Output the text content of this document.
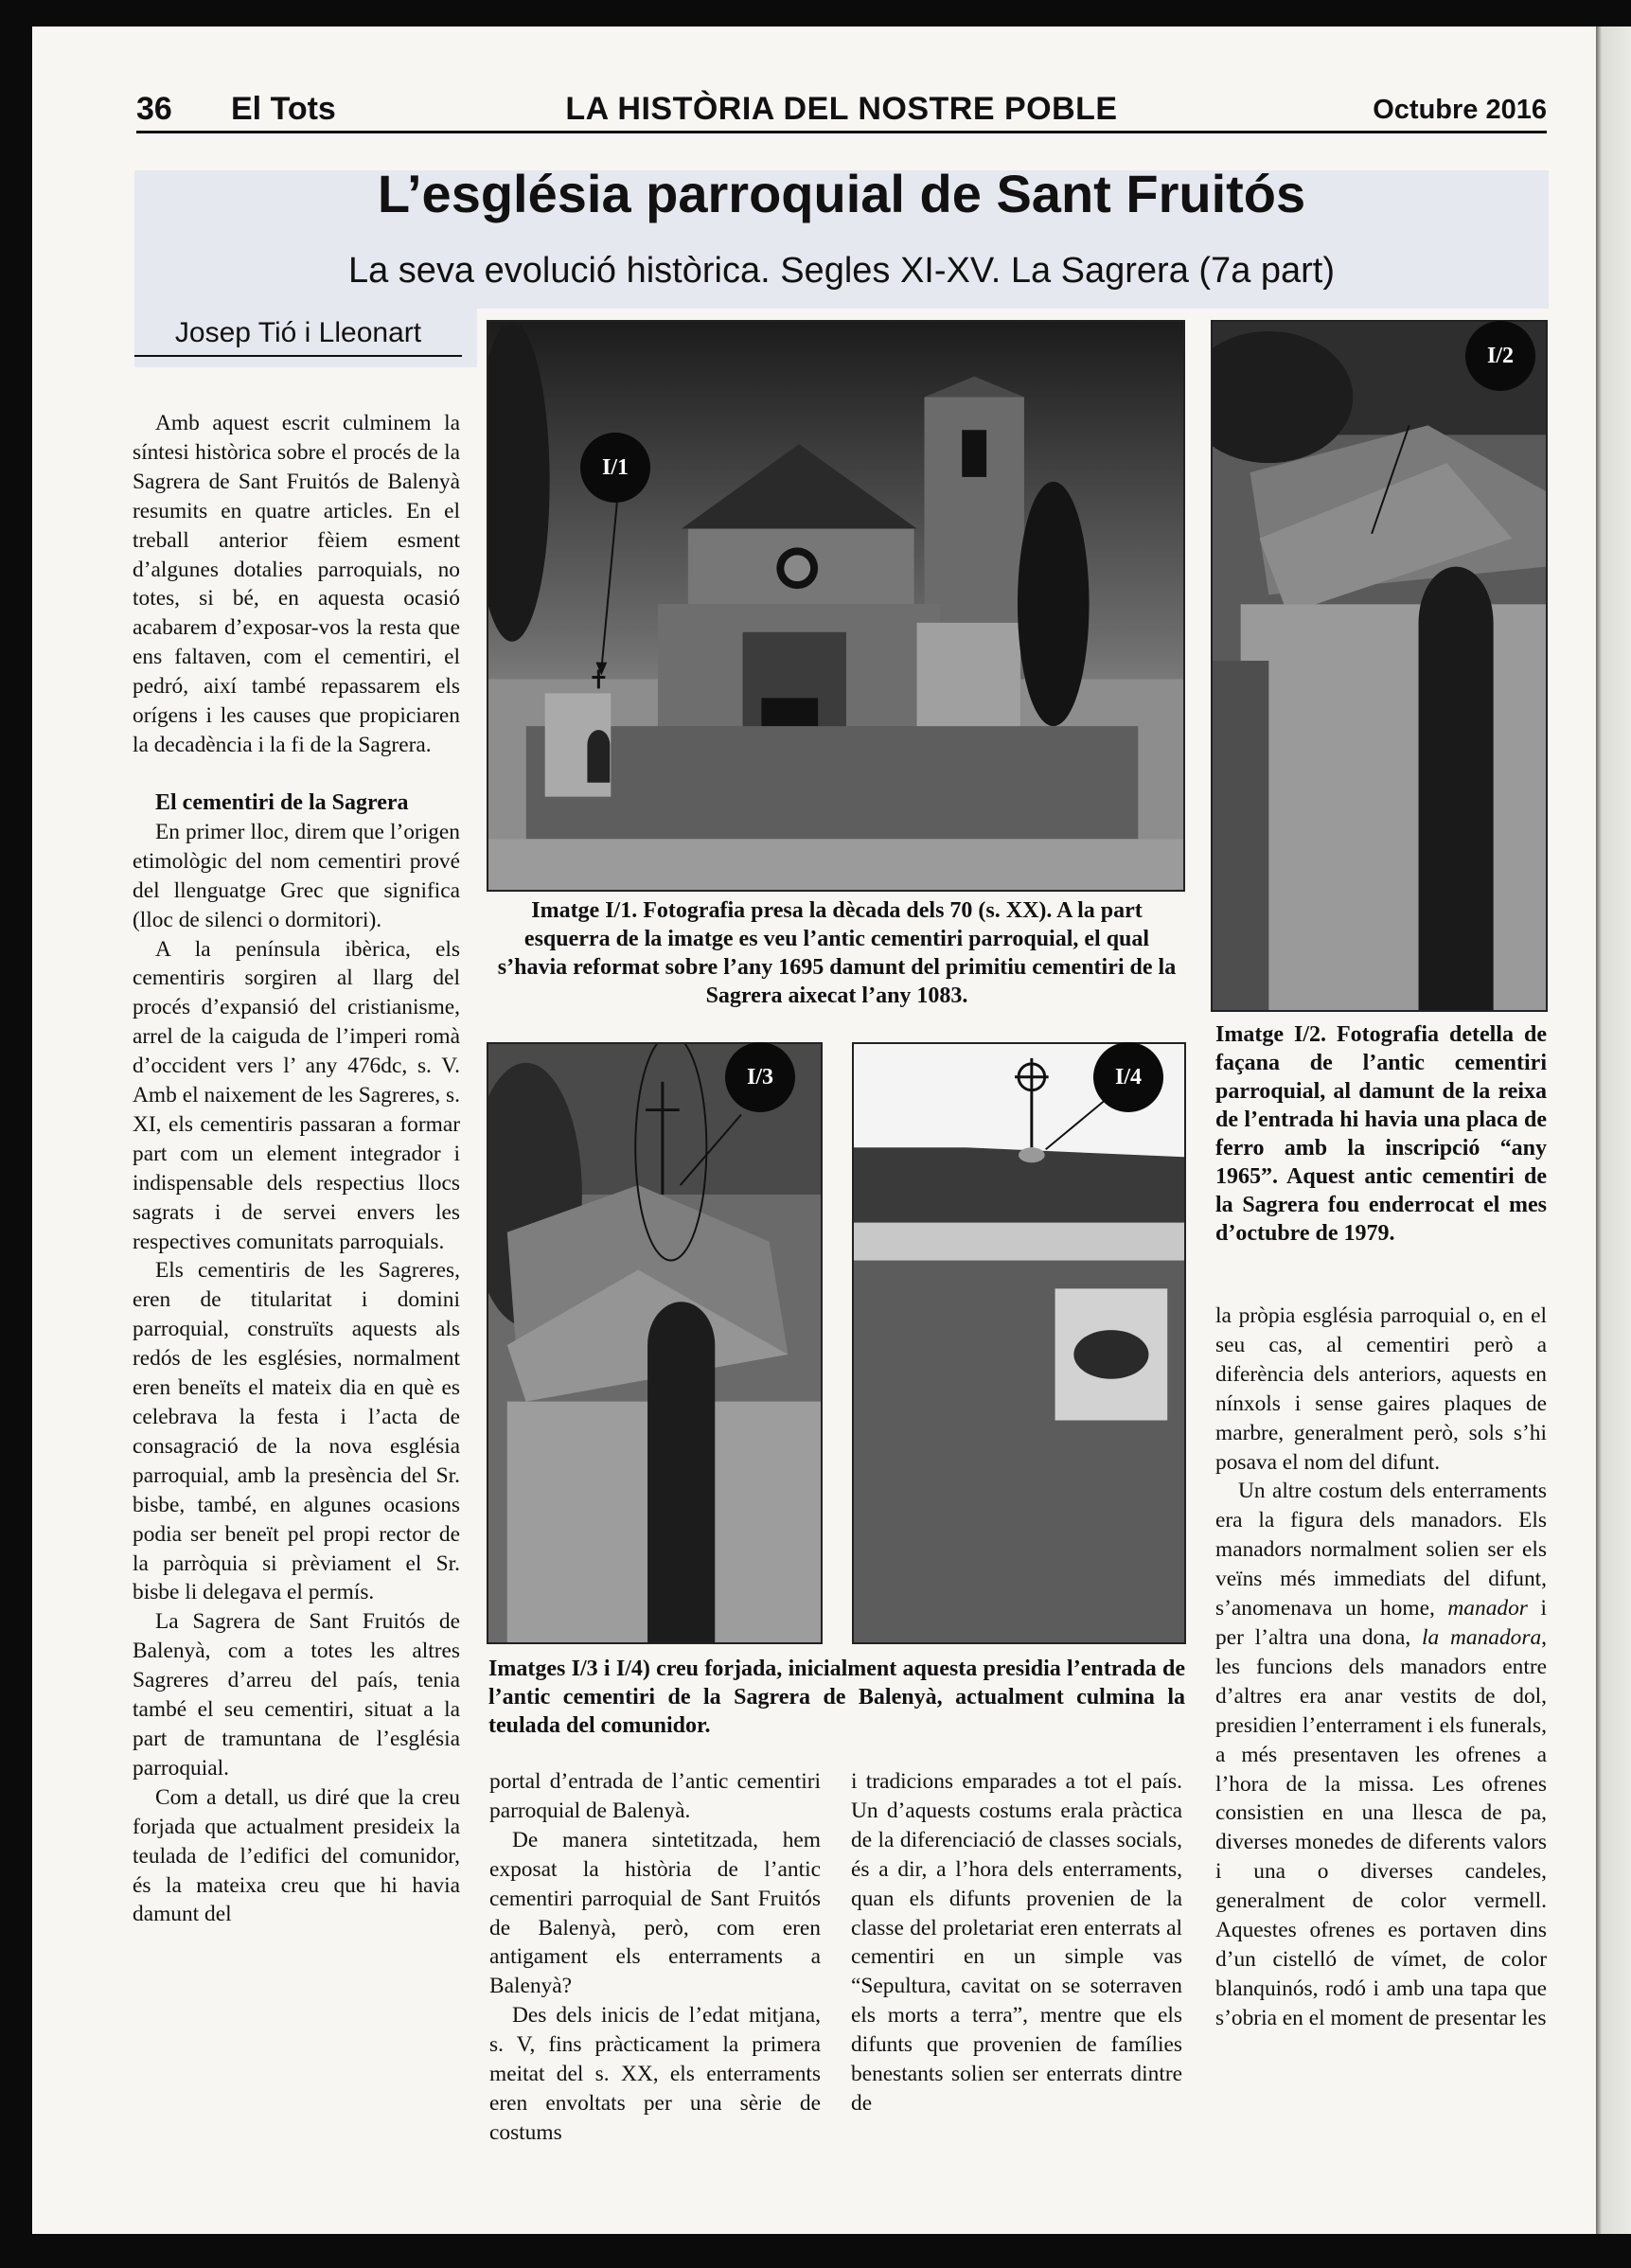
36 El Tots	LA HISTÒRIA DEL NOSTRE POBLE	Octubre 2016
L’església parroquial de Sant Fruitós
La seva evolució històrica. Segles XI-XV. La Sagrera (7a part)
Josep Tió i Lleonart

Amb aquest escrit culminem la síntesi històrica sobre el procés de la Sagrera de Sant Fruitós de Balenyà resumits en quatre articles. En el treball anterior fèiem esment d’algunes dotalies parroquials, no totes, si bé, en aquesta ocasió acabarem d’exposar-vos la resta que ens faltaven, com el cementiri, el pedró, així també repassarem els orígens i les causes que propiciaren la decadència i la fi de la Sagrera.

El cementiri de la Sagrera

En primer lloc, direm que l’origen etimològic del nom cementiri prové del llenguatge Grec que significa (lloc de silenci o dormitori).

A la península ibèrica, els cementiris sorgiren al llarg del procés d’expansió del cristianisme, arrel de la caiguda de l’imperi romà d’occident vers l’ any 476dc, s. V. Amb el naixement de les Sagreres, s. XI, els cementiris passaran a formar part com un element integrador i indispensable dels respectius llocs sagrats i de servei envers les respectives comunitats parroquials.

Els cementiris de les Sagreres, eren de titularitat i domini parroquial, construïts aquests als redós de les esglésies, normalment eren beneïts el mateix dia en què es celebrava la festa i l’acta de consagració de la nova església parroquial, amb la presència del Sr. bisbe, també, en algunes ocasions podia ser beneït pel propi rector de la parròquia si prèviament el Sr. bisbe li delegava el permís.

La Sagrera de Sant Fruitós de Balenyà, com a totes les altres Sagreres d’arreu del país, tenia també el seu cementiri, situat a la part de tramuntana de l’església parroquial.

Com a detall, us diré que la creu forjada que actualment presideix la teulada de l’edifici del comunidor, és la mateixa creu que hi havia damunt del

I/1
Imatge I/1. Fotografia presa la dècada dels 70 (s. XX). A la part esquerra de la imatge es veu l’antic cementiri parroquial, el qual s’havia reformat sobre l’any 1695 damunt del primitiu cementiri de la Sagrera aixecat l’any 1083.
I/2
Imatge I/2. Fotografia detella de façana de l’antic cementiri parroquial, al damunt de la reixa de l’entrada hi havia una placa de ferro amb la inscripció “any 1965”. Aquest antic cementiri de la Sagrera fou enderrocat el mes d’octubre de 1979.
I/3	I/4
Imatges I/3 i I/4) creu forjada, inicialment aquesta presidia l’entrada de l’antic cementiri de la Sagrera de Balenyà, actualment culmina la teulada del comunidor.

portal d’entrada de l’antic cementiri parroquial de Balenyà.

De manera sintetitzada, hem exposat la història de l’antic cementiri parroquial de Sant Fruitós de Balenyà, però, com eren antigament els enterraments a Balenyà?

Des dels inicis de l’edat mitjana, s. V, fins pràcticament la primera meitat del s. XX, els enterraments eren envoltats per una sèrie de costums

i tradicions emparades a tot el país. Un d’aquests costums erala pràctica de la diferenciació de classes socials, és a dir, a l’hora dels enterraments, quan els difunts provenien de la classe del proletariat eren enterrats al cementiri en un simple vas “Sepultura, cavitat on se soterraven els morts a terra”, mentre que els difunts que provenien de famílies benestants solien ser enterrats dintre de

la pròpia església parroquial o, en el seu cas, al cementiri però a diferència dels anteriors, aquests en nínxols i sense gaires plaques de marbre, generalment però, sols s’hi posava el nom del difunt.

Un altre costum dels enterraments era la figura dels manadors. Els manadors normalment solien ser els veïns més immediats del difunt, s’anomenava un home, manador i per l’altra una dona, la manadora, les funcions dels manadors entre d’altres era anar vestits de dol, presidien l’enterrament i els funerals, a més presentaven les ofrenes a l’hora de la missa. Les ofrenes consistien en una llesca de pa, diverses monedes de diferents valors i una o diverses candeles, generalment de color vermell. Aquestes ofrenes es portaven dins d’un cistelló de vímet, de color blanquinós, rodó i amb una tapa que s’obria en el moment de presentar les
